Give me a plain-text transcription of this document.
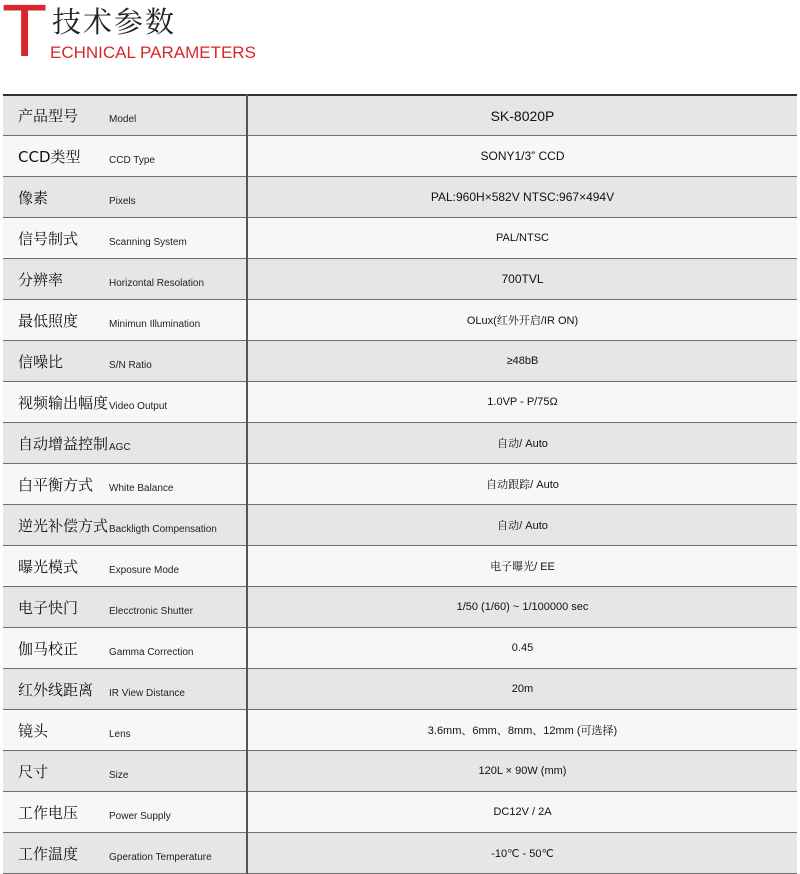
T 技术参数
ECHNICAL PARAMETERS
产品型号	Model	SK-8020P
CCD类型	CCD Type	SONY1/3” CCD
像素	Pixels	PAL:960H×582V NTSC:967×494V
信号制式	Scanning System	PAL/NTSC
分辨率	Horizontal Resolation	700TVL
最低照度	Minimun Illumination	OLux(红外开启/IR ON)
信噪比	S/N Ratio	≥48bB
视频输出幅度	Video Output	1.0VP - P/75Ω
自动增益控制	AGC	自动/ Auto
白平衡方式	White Balance	自动跟踪/ Auto
逆光补偿方式	Backligth Compensation	自动/ Auto
曝光模式	Exposure Mode	电子曝光/ EE
电子快门	Elecctronic Shutter	1/50 (1/60) ~ 1/100000 sec
伽马校正	Gamma Correction	0.45
红外线距离	IR View Distance	20m
镜头	Lens	3.6mm、6mm、8mm、12mm (可选择)
尺寸	Size	120L × 90W (mm)
工作电压	Power Supply	DC12V / 2A
工作温度	Gperation Temperature	-10℃ - 50℃
